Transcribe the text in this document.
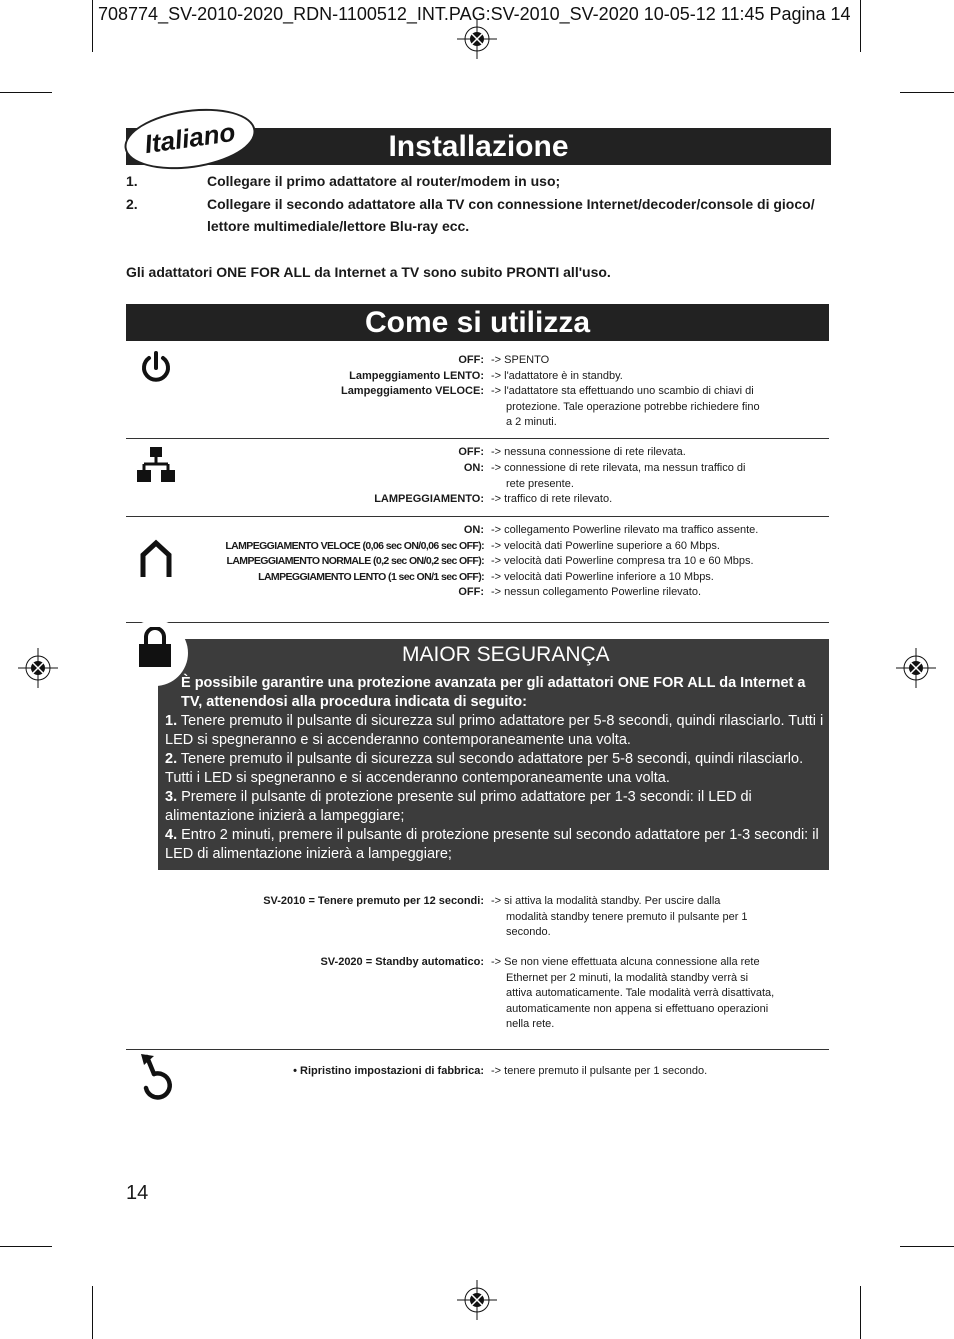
708774_SV-2010-2020_RDN-1100512_INT.PAG:SV-2010_SV-2020 10-05-12 11:45 Pagina 14
Installazione
Italiano
1.	Collegare il primo adattatore al router/modem in uso;
2.	Collegare il secondo adattatore alla TV con connessione Internet/decoder/console di gioco/ lettore multimediale/lettore Blu-ray ecc.
Gli adattatori ONE FOR ALL da Internet a TV sono subito PRONTI all'uso.
Come si utilizza
OFF: -> SPENTO
Lampeggiamento LENTO: -> l'adattatore è in standby.
Lampeggiamento VELOCE: -> l'adattatore sta effettuando uno scambio di chiavi di
protezione. Tale operazione potrebbe richiedere fino
a 2 minuti.
OFF: -> nessuna connessione di rete rilevata.
ON: -> connessione di rete rilevata, ma nessun traffico di
rete presente.
LAMPEGGIAMENTO: -> traffico di rete rilevato.
ON: -> collegamento Powerline rilevato ma traffico assente.
LAMPEGGIAMENTO VELOCE (0,06 sec ON/0,06 sec OFF): -> velocità dati Powerline superiore a 60 Mbps.
LAMPEGGIAMENTO NORMALE (0,2 sec ON/0,2 sec OFF): -> velocità dati Powerline compresa tra 10 e 60 Mbps.
LAMPEGGIAMENTO LENTO (1 sec ON/1 sec OFF): -> velocità dati Powerline inferiore a 10 Mbps.
OFF: -> nessun collegamento Powerline rilevato.
MAIOR SEGURANÇA

È possibile garantire una protezione avanzata per gli adattatori ONE FOR ALL da Internet a TV, attenendosi alla procedura indicata di seguito:

1. Tenere premuto il pulsante di sicurezza sul primo adattatore per 5-8 secondi, quindi rilasciarlo. Tutti i LED si spegneranno e si accenderanno contemporaneamente una volta.

2. Tenere premuto il pulsante di sicurezza sul secondo adattatore per 5-8 secondi, quindi rilasciarlo. Tutti i LED si spegneranno e si accenderanno contemporaneamente una volta.

3. Premere il pulsante di protezione presente sul primo adattatore per 1-3 secondi: il LED di alimentazione inizierà a lampeggiare;

4. Entro 2 minuti, premere il pulsante di protezione presente sul secondo adattatore per 1-3 secondi: il LED di alimentazione inizierà a lampeggiare;

SV-2010 = Tenere premuto per 12 secondi: -> si attiva la modalità standby. Per uscire dalla
modalità standby tenere premuto il pulsante per 1
secondo.
SV-2020 = Standby automatico: -> Se non viene effettuata alcuna connessione alla rete
Ethernet per 2 minuti, la modalità standby verrà si
attiva automaticamente. Tale modalità verrà disattivata,
automaticamente non appena si effettuano operazioni
nella rete.
• Ripristino impostazioni di fabbrica: -> tenere premuto il pulsante per 1 secondo.
14
